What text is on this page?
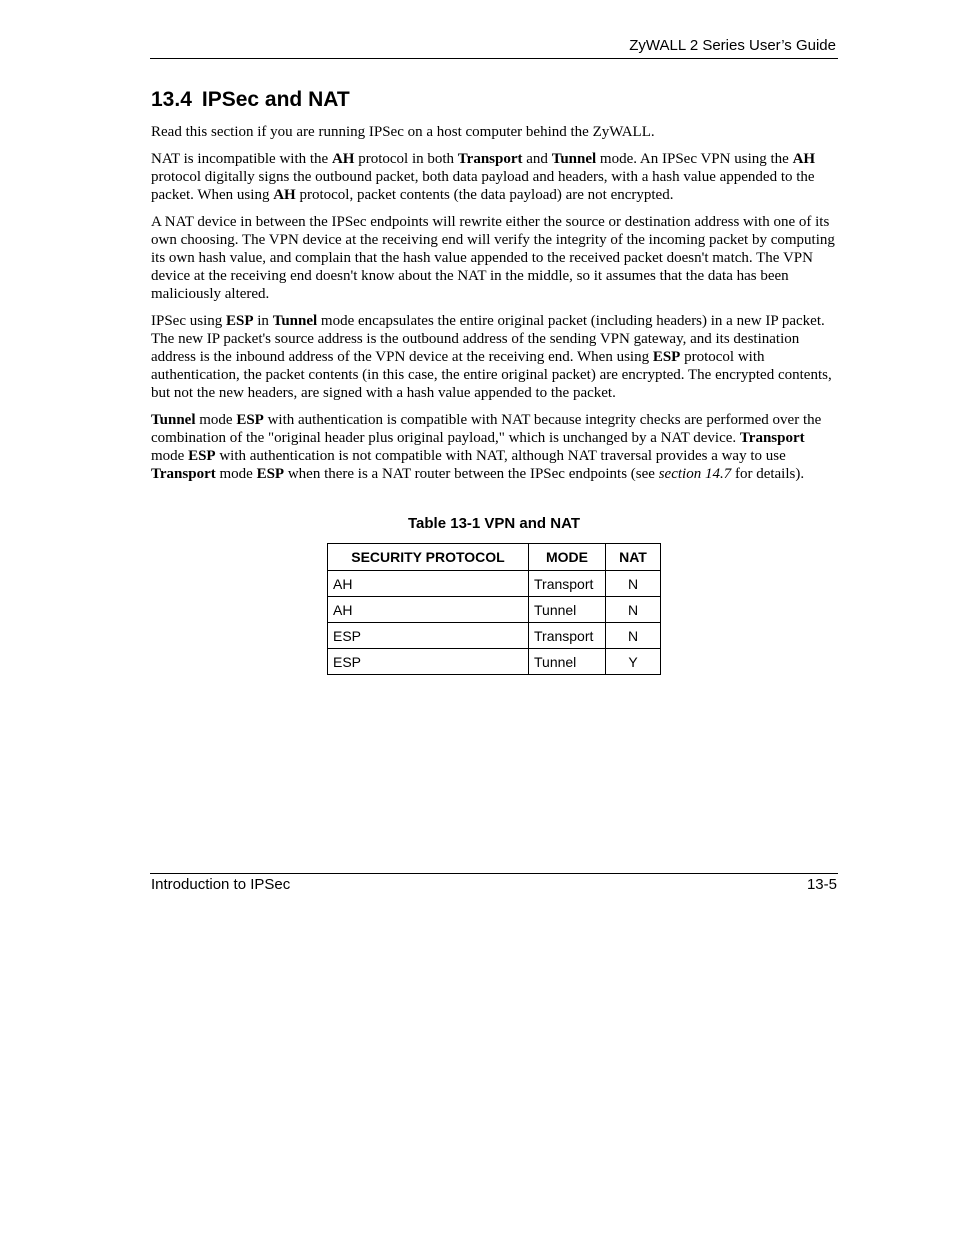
ZyWALL 2 Series User’s Guide
13.4 IPSec and NAT

Read this section if you are running IPSec on a host computer behind the ZyWALL.

NAT is incompatible with the AH protocol in both Transport and Tunnel mode. An IPSec VPN using the AH protocol digitally signs the outbound packet, both data payload and headers, with a hash value appended to the packet. When using AH protocol, packet contents (the data payload) are not encrypted.

A NAT device in between the IPSec endpoints will rewrite either the source or destination address with one of its own choosing. The VPN device at the receiving end will verify the integrity of the incoming packet by computing its own hash value, and complain that the hash value appended to the received packet doesn't match. The VPN device at the receiving end doesn't know about the NAT in the middle, so it assumes that the data has been maliciously altered.

IPSec using ESP in Tunnel mode encapsulates the entire original packet (including headers) in a new IP packet. The new IP packet's source address is the outbound address of the sending VPN gateway, and its destination address is the inbound address of the VPN device at the receiving end. When using ESP protocol with authentication, the packet contents (in this case, the entire original packet) are encrypted. The encrypted contents, but not the new headers, are signed with a hash value appended to the packet.

Tunnel mode ESP with authentication is compatible with NAT because integrity checks are performed over the combination of the "original header plus original payload," which is unchanged by a NAT device. Transport mode ESP with authentication is not compatible with NAT, although NAT traversal provides a way to use Transport mode ESP when there is a NAT router between the IPSec endpoints (see section 14.7 for details).

Table 13-1 VPN and NAT
SECURITY PROTOCOL	MODE	NAT
AH	Transport	N
AH	Tunnel	N
ESP	Transport	N
ESP	Tunnel	Y
Introduction to IPSec	13-5
